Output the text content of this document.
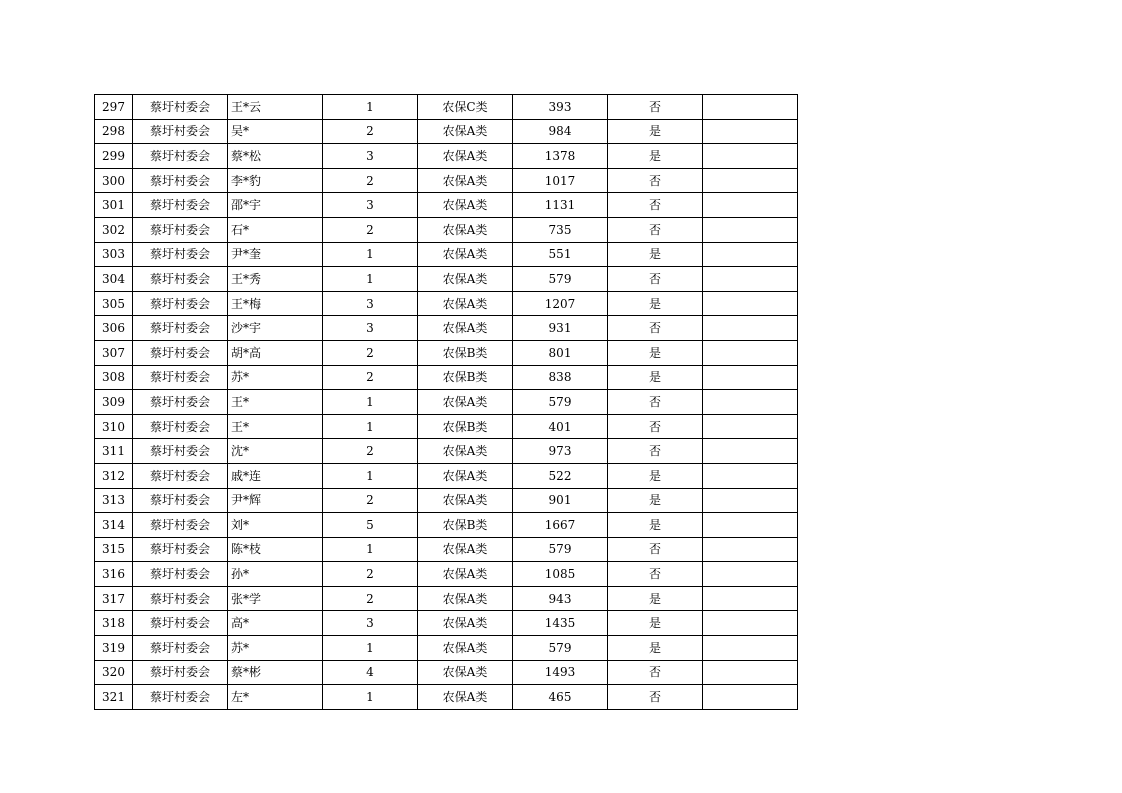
297	蔡圩村委会	王*云	1	农保C类	393	否	
298	蔡圩村委会	吴*	2	农保A类	984	是	
299	蔡圩村委会	蔡*松	3	农保A类	1378	是	
300	蔡圩村委会	李*豹	2	农保A类	1017	否	
301	蔡圩村委会	邵*宇	3	农保A类	1131	否	
302	蔡圩村委会	石*	2	农保A类	735	否	
303	蔡圩村委会	尹*奎	1	农保A类	551	是	
304	蔡圩村委会	王*秀	1	农保A类	579	否	
305	蔡圩村委会	王*梅	3	农保A类	1207	是	
306	蔡圩村委会	沙*宇	3	农保A类	931	否	
307	蔡圩村委会	胡*高	2	农保B类	801	是	
308	蔡圩村委会	苏*	2	农保B类	838	是	
309	蔡圩村委会	王*	1	农保A类	579	否	
310	蔡圩村委会	王*	1	农保B类	401	否	
311	蔡圩村委会	沈*	2	农保A类	973	否	
312	蔡圩村委会	戚*连	1	农保A类	522	是	
313	蔡圩村委会	尹*辉	2	农保A类	901	是	
314	蔡圩村委会	刘*	5	农保B类	1667	是	
315	蔡圩村委会	陈*枝	1	农保A类	579	否	
316	蔡圩村委会	孙*	2	农保A类	1085	否	
317	蔡圩村委会	张*学	2	农保A类	943	是	
318	蔡圩村委会	高*	3	农保A类	1435	是	
319	蔡圩村委会	苏*	1	农保A类	579	是	
320	蔡圩村委会	蔡*彬	4	农保A类	1493	否	
321	蔡圩村委会	左*	1	农保A类	465	否	
